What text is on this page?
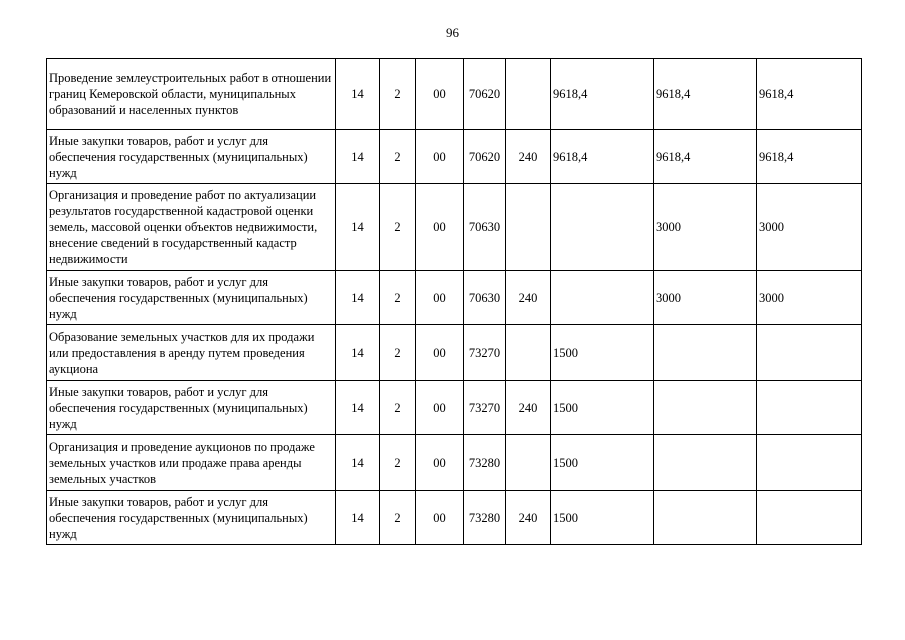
96
Проведение землеустроительных работ в отношении границ Кемеровской области, муниципальных образований и населенных пунктов	14	2	00	70620		9618,4	9618,4	9618,4
Иные закупки товаров, работ и услуг для обеспечения государственных (муниципальных) нужд	14	2	00	70620	240	9618,4	9618,4	9618,4
Организация и проведение работ по актуализации результатов государственной кадастровой оценки земель, массовой оценки объектов недвижимости, внесение сведений в государственный кадастр недвижимости	14	2	00	70630			3000	3000
Иные закупки товаров, работ и услуг для обеспечения государственных (муниципальных) нужд	14	2	00	70630	240		3000	3000
Образование земельных участков для их продажи или предоставления в аренду путем проведения аукциона	14	2	00	73270		1500		
Иные закупки товаров, работ и услуг для обеспечения государственных (муниципальных) нужд	14	2	00	73270	240	1500		
Организация и проведение аукционов по продаже земельных участков или продаже права аренды земельных участков	14	2	00	73280		1500		
Иные закупки товаров, работ и услуг для обеспечения государственных (муниципальных) нужд	14	2	00	73280	240	1500		
